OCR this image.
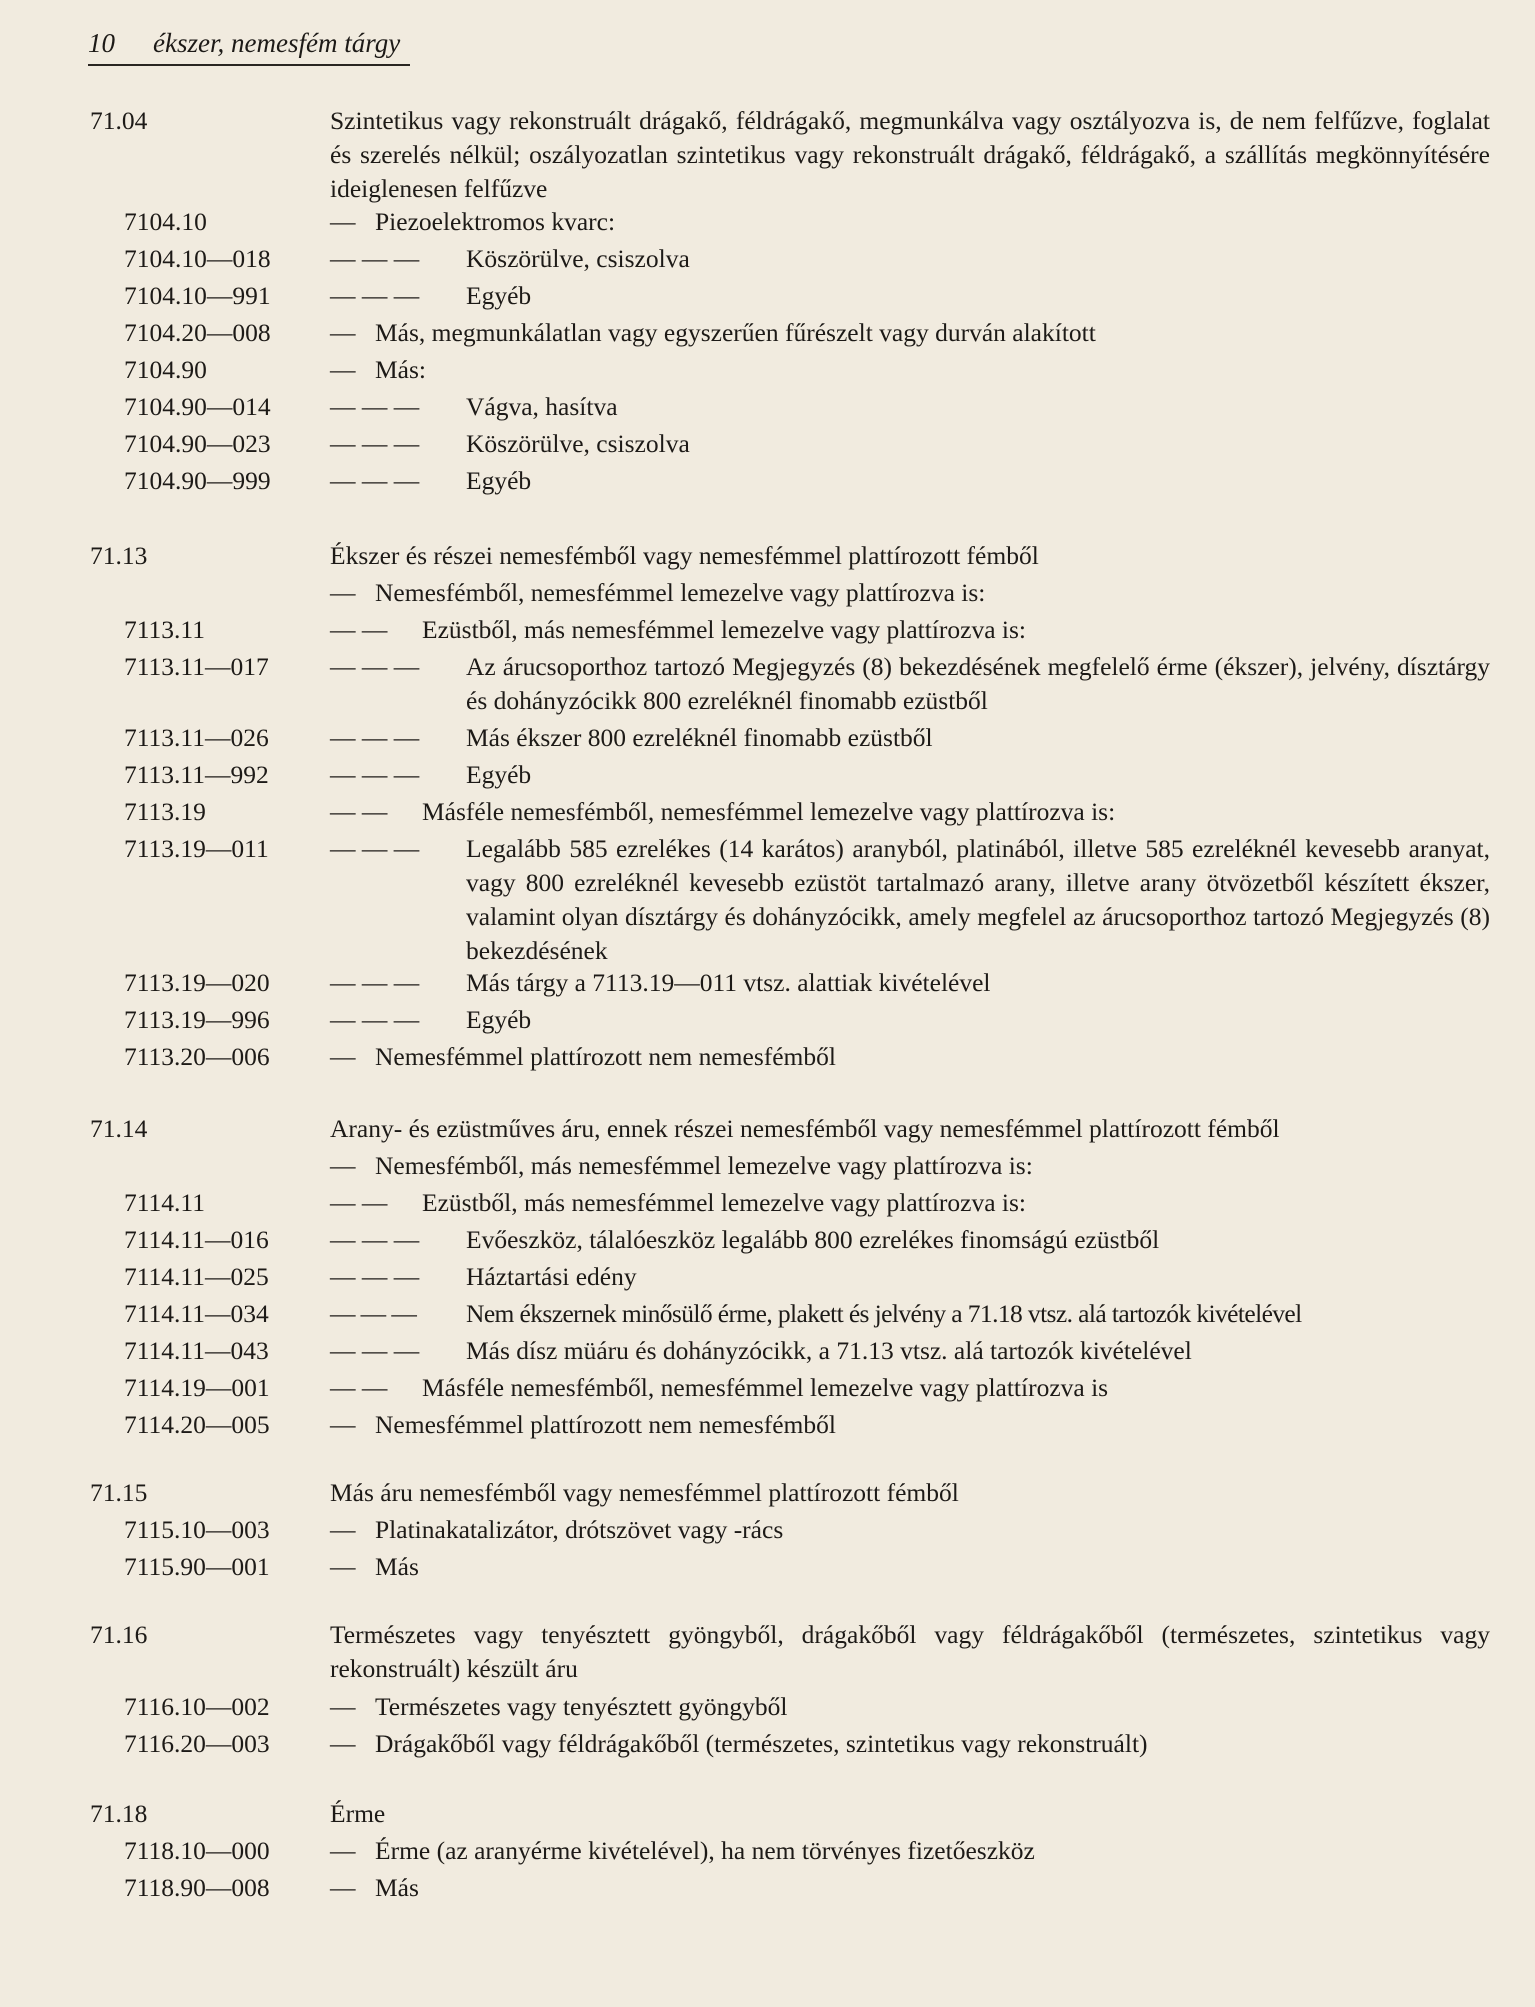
10 ékszer, nemesfém tárgy
71.04	Szintetikus vagy rekonstruált drágakő, féldrágakő, megmunkálva vagy osztályozva is, de nem felfűzve, foglalat és szerelés nélkül; oszályozatlan szintetikus vagy rekonstruált drágakő, féldrágakő, a szállítás megkönnyítésére ideiglenesen felfűzve
7104.10	— Piezoelektromos kvarc:
7104.10—018 — — — Köszörülve, csiszolva
7104.10—991 — — — Egyéb
7104.20—008 — Más, megmunkálatlan vagy egyszerűen fűrészelt vagy durván alakított
7104.90	— Más:
7104.90—014 — — — Vágva, hasítva
7104.90—023 — — — Köszörülve, csiszolva
7104.90—999 — — — Egyéb
71.13	Ékszer és részei nemesfémből vagy nemesfémmel plattírozott fémből
— Nemesfémből, nemesfémmel lemezelve vagy plattírozva is:
7113.11	— — Ezüstből, más nemesfémmel lemezelve vagy plattírozva is:
7113.11—017 — — —	Az árucsoporthoz tartozó Megjegyzés (8) bekezdésének megfelelő érme (ékszer), jelvény, dísztárgy és dohányzócikk 800 ezreléknél finomabb ezüstből
7113.11—026 — — — Más ékszer 800 ezreléknél finomabb ezüstből
7113.11—992 — — — Egyéb
7113.19	— — Másféle nemesfémből, nemesfémmel lemezelve vagy plattírozva is:
7113.19—011 — — —	Legalább 585 ezrelékes (14 karátos) aranyból, platinából, illetve 585 ezreléknél kevesebb aranyat, vagy 800 ezreléknél kevesebb ezüstöt tartalmazó arany, illetve arany ötvözetből készített ékszer, valamint olyan dísztárgy és dohányzócikk, amely megfelel az árucsoporthoz tartozó Megjegyzés (8) bekezdésének
7113.19—020 — — — Más tárgy a 7113.19—011 vtsz. alattiak kivételével
7113.19—996 — — — Egyéb
7113.20—006 — Nemesfémmel plattírozott nem nemesfémből
71.14	Arany- és ezüstműves áru, ennek részei nemesfémből vagy nemesfémmel plattírozott fémből
— Nemesfémből, más nemesfémmel lemezelve vagy plattírozva is:
7114.11	— — Ezüstből, más nemesfémmel lemezelve vagy plattírozva is:
7114.11—016 — — — Evőeszköz, tálalóeszköz legalább 800 ezrelékes finomságú ezüstből
7114.11—025 — — — Háztartási edény
7114.11—034 — — — Nem ékszernek minősülő érme, plakett és jelvény a 71.18 vtsz. alá tartozók kivételével
7114.11—043 — — — Más dísz müáru és dohányzócikk, a 71.13 vtsz. alá tartozók kivételével
7114.19—001 — — Másféle nemesfémből, nemesfémmel lemezelve vagy plattírozva is
7114.20—005 — Nemesfémmel plattírozott nem nemesfémből
71.15	Más áru nemesfémből vagy nemesfémmel plattírozott fémből
7115.10—003 — Platinakatalizátor, drótszövet vagy -rács
7115.90—001 — Más
71.16	Természetes vagy tenyésztett gyöngyből, drágakőből vagy féldrágakőből (természetes, szintetikus vagy rekonstruált) készült áru
7116.10—002 — Természetes vagy tenyésztett gyöngyből
7116.20—003 — Drágakőből vagy féldrágakőből (természetes, szintetikus vagy rekonstruált)
71.18	Érme
7118.10—000 — Érme (az aranyérme kivételével), ha nem törvényes fizetőeszköz
7118.90—008 — Más
